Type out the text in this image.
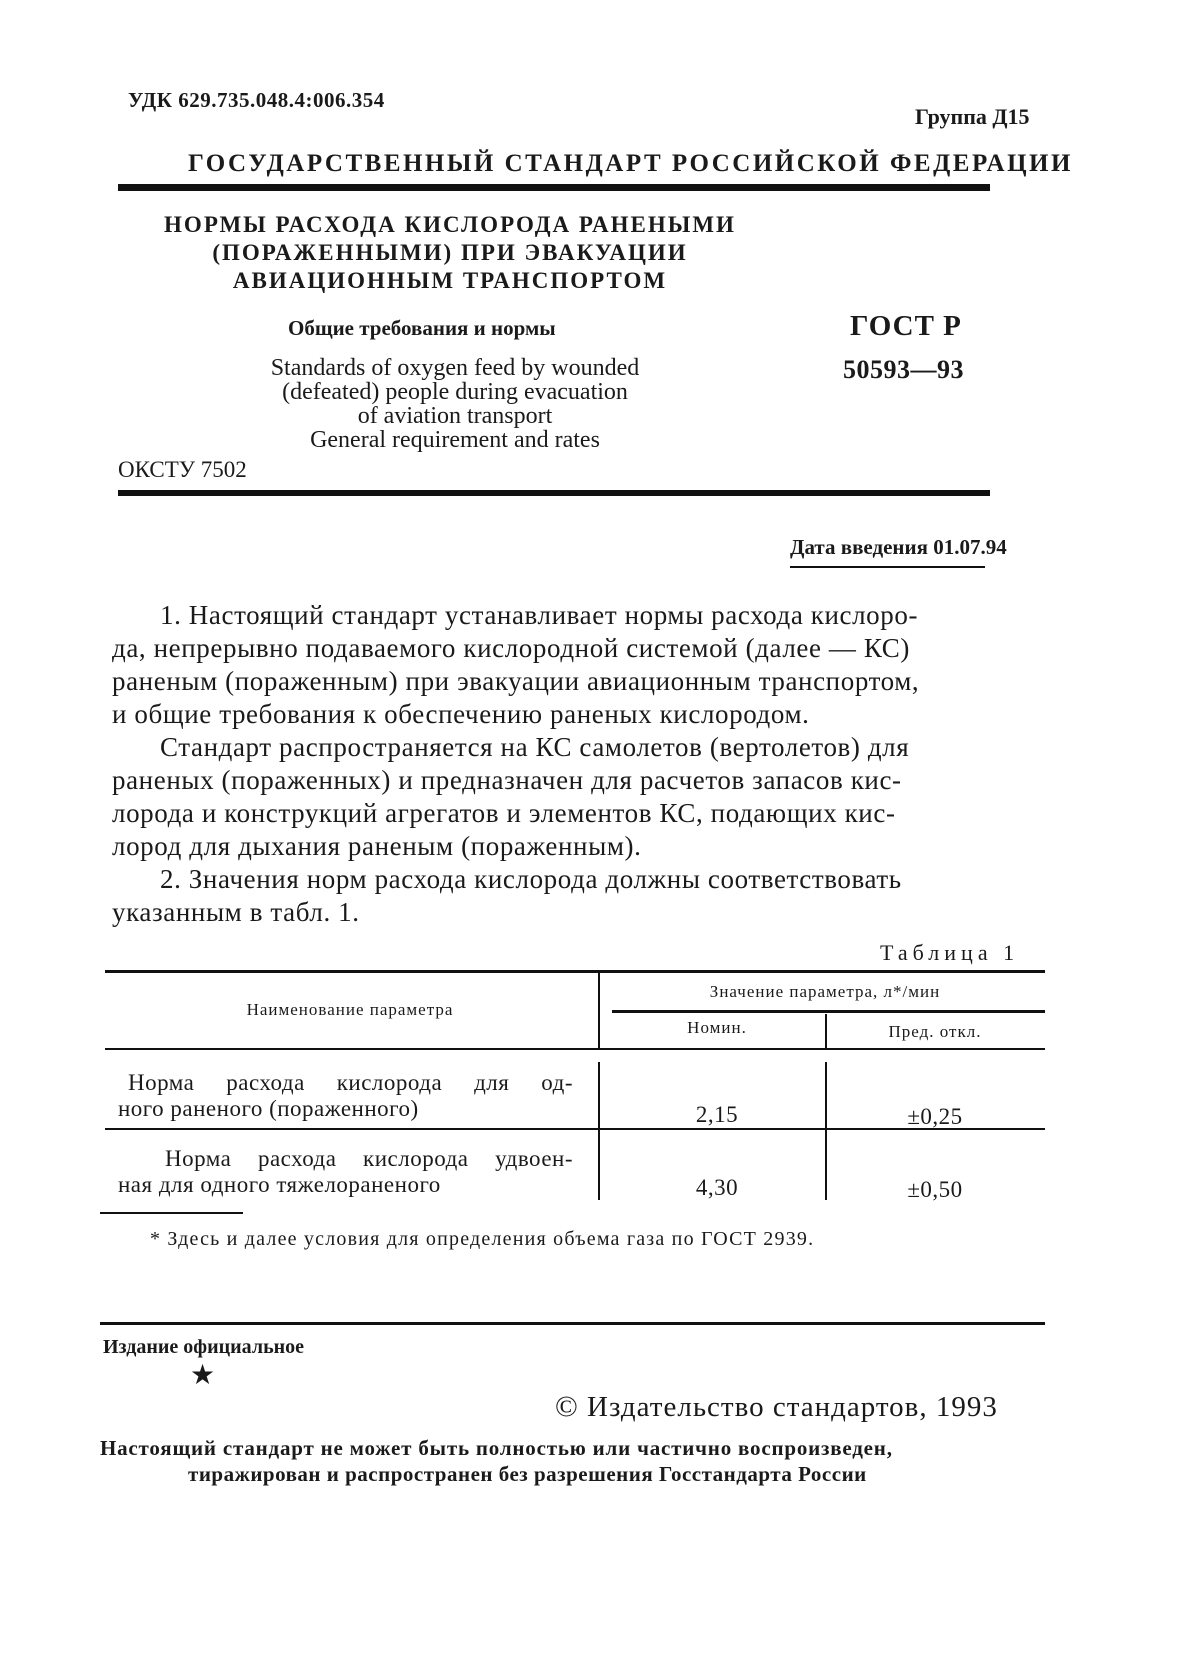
УДК 629.735.048.4:006.354
Группа Д15
ГОСУДАРСТВЕННЫЙ СТАНДАРТ РОССИЙСКОЙ ФЕДЕРАЦИИ
НОРМЫ РАСХОДА КИСЛОРОДА РАНЕНЫМИ
(ПОРАЖЕННЫМИ) ПРИ ЭВАКУАЦИИ
АВИАЦИОННЫМ ТРАНСПОРТОМ
Общие требования и нормы	ГОСТ Р
50593—93
Standards of oxygen feed by wounded
(defeated) people during evacuation
of aviation transport
General requirement and rates
ОКСТУ 7502
Дата введения 01.07.94
1. Настоящий стандарт устанавливает нормы расхода кислоро-
да, непрерывно подаваемого кислородной системой (далее — КС)
раненым (пораженным) при эвакуации авиационным транспортом,
и общие требования к обеспечению раненых кислородом.
Стандарт распространяется на КС самолетов (вертолетов) для
раненых (пораженных) и предназначен для расчетов запасов кис-
лорода и конструкций агрегатов и элементов КС, подающих кис-
лород для дыхания раненым (пораженным).
2. Значения норм расхода кислорода должны соответствовать
указанным в табл. 1.
Таблица 1
Наименование параметра
Значение параметра, л*/мин
Номин.	Пред. откл.
Норма расхода кислорода для од-
ного раненого (пораженного)	2,15	±0,25
Норма расхода кислорода удвоен-
ная для одного тяжелораненого	4,30	±0,50
* Здесь и далее условия для определения объема газа по ГОСТ 2939.
Издание официальное
★
© Издательство стандартов, 1993
Настоящий стандарт не может быть полностью или частично воспроизведен,
тиражирован и распространен без разрешения Госстандарта России
